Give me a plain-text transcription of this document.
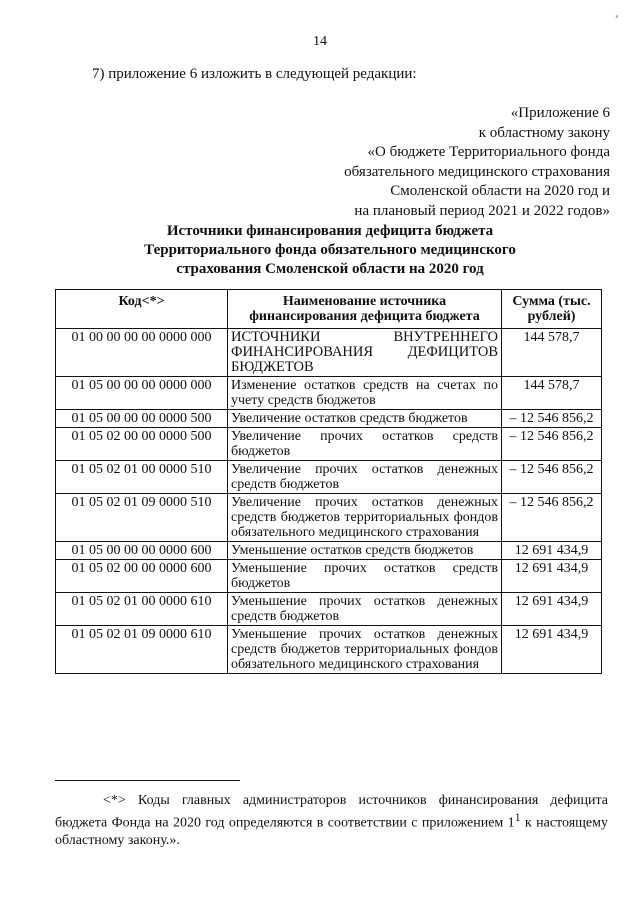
ˢ
14
7) приложение 6 изложить в следующей редакции:
«Приложение 6
к областному закону
«О бюджете Территориального фонда
обязательного медицинского страхования
Смоленской области на 2020 год и
на плановый период 2021 и 2022 годов»
Источники финансирования дефицита бюджета
Территориального фонда обязательного медицинского
страхования Смоленской области на 2020 год
Код<*>	Наименование источника финансирования дефицита бюджета	Сумма (тыс. рублей)
01 00 00 00 00 0000 000	ИСТОЧНИКИ ВНУТРЕННЕГО ФИНАНСИРОВАНИЯ ДЕФИЦИТОВ БЮДЖЕТОВ	144 578,7
01 05 00 00 00 0000 000	Изменение остатков средств на счетах по учету средств бюджетов	144 578,7
01 05 00 00 00 0000 500	Увеличение остатков средств бюджетов	– 12 546 856,2
01 05 02 00 00 0000 500	Увеличение прочих остатков средств бюджетов	– 12 546 856,2
01 05 02 01 00 0000 510	Увеличение прочих остатков денежных средств бюджетов	– 12 546 856,2
01 05 02 01 09 0000 510	Увеличение прочих остатков денежных средств бюджетов территориальных фондов обязательного медицинского страхования	– 12 546 856,2
01 05 00 00 00 0000 600	Уменьшение остатков средств бюджетов	12 691 434,9
01 05 02 00 00 0000 600	Уменьшение прочих остатков средств бюджетов	12 691 434,9
01 05 02 01 00 0000 610	Уменьшение прочих остатков денежных средств бюджетов	12 691 434,9
01 05 02 01 09 0000 610	Уменьшение прочих остатков денежных средств бюджетов территориальных фондов обязательного медицинского страхования	12 691 434,9
<*> Коды главных администраторов источников финансирования дефицита бюджета Фонда на 2020 год определяются в соответствии с приложением $1^1$ к настоящему областному закону.».
